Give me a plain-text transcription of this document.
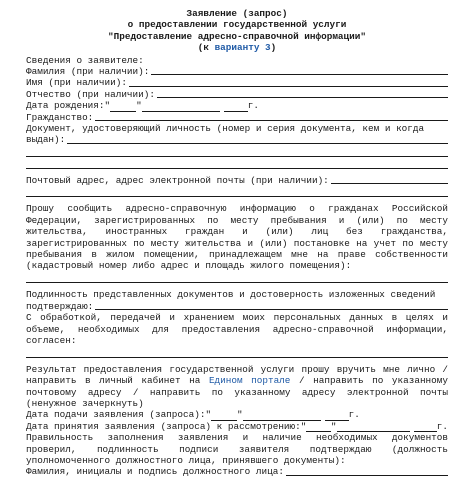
Заявление (запрос)
о предоставлении государственной услуги
"Предоставление адресно-справочной информации"
(к варианту 3)
Сведения о заявителе:
Фамилия (при наличии):
Имя (при наличии):
Отчество (при наличии):
Дата рождения: "	"	г.
Гражданство:
Документ, удостоверяющий личность (номер и серия документа, кем и когда
выдан):
Почтовый адрес, адрес электронной почты (при наличии):
Прошу сообщить адресно-справочную информацию о гражданах Российской Федерации, зарегистрированных по месту пребывания и (или) по месту жительства, иностранных граждан и (или) лиц без гражданства, зарегистрированных по месту жительства и (или) постановке на учет по месту пребывания в жилом помещении, принадлежащем мне на праве собственности (кадастровый номер либо адрес и площадь жилого помещения):
Подлинность представленных документов и достоверность изложенных сведений
подтверждаю:
С обработкой, передачей и хранением моих персональных данных в целях и объеме, необходимых для предоставления адресно-справочной информации, согласен:
Результат предоставления государственной услуги прошу вручить мне лично / направить в личный кабинет на Едином порталe / направить по указанному почтовому адресу / направить по указанному адресу электронной почты (ненужное зачеркнуть)
Дата подачи заявления (запроса): "	"	г.
Дата принятия заявления (запроса) к рассмотрению: "	"	г.
Правильность заполнения заявления и наличие необходимых документов проверил, подлинность подписи заявителя подтверждаю (должность уполномоченного должностного лица, принявшего документы):
Фамилия, инициалы и подпись должностного лица:
